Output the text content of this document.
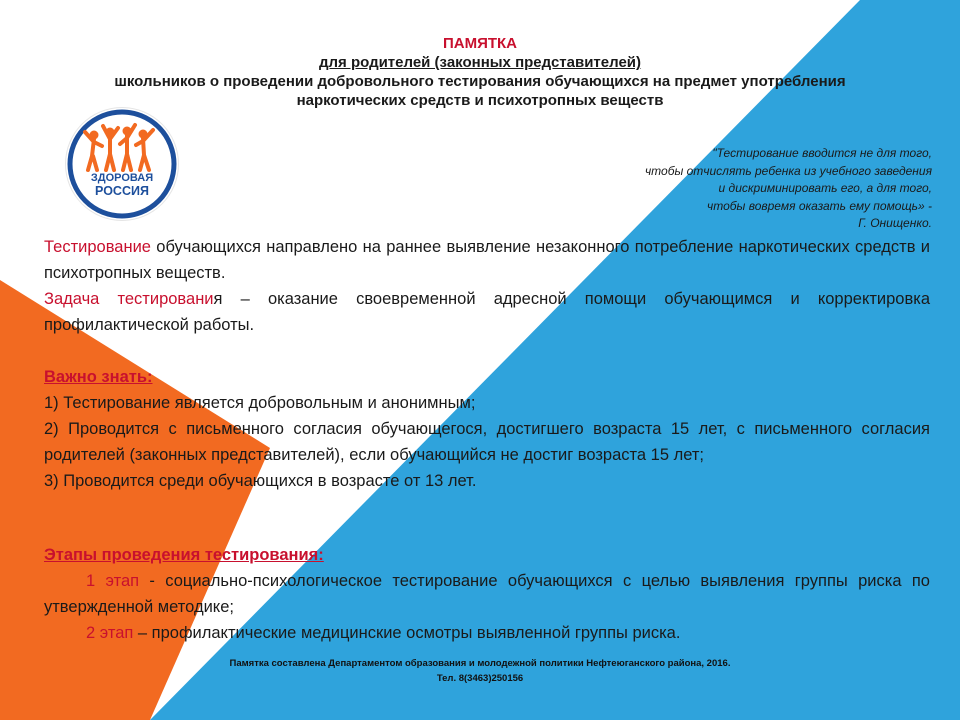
ПАМЯТКА
для родителей (законных представителей)
школьников о проведении добровольного тестирования обучающихся на предмет употребления
наркотических средств и психотропных веществ
ЗДОРОВАЯ
РОССИЯ
"Тестирование вводится не для того,
чтобы отчислять ребенка из учебного заведения
и дискриминировать его, а для того,
чтобы вовремя оказать ему помощь» -
Г. Онищенко.

Тестирование обучающихся направлено на раннее выявление незаконного потребление наркотических средств и психотропных веществ.

Задача тестирования – оказание своевременной адресной помощи обучающимся и корректировка профилактической работы.

Важно знать:

1) Тестирование является добровольным и анонимным;

2) Проводится с письменного согласия обучающегося, достигшего возраста 15 лет, с письменного согласия родителей (законных представителей), если обучающийся не достиг возраста 15 лет;

3) Проводится среди обучающихся в возрасте от 13 лет.

Этапы проведения тестирования:

1 этап - социально-психологическое тестирование обучающихся с целью выявления группы риска по утвержденной методике;

2 этап – профилактические медицинские осмотры выявленной группы риска.

Памятка составлена Департаментом образования и молодежной политики Нефтеюганского района, 2016.
Тел. 8(3463)250156
